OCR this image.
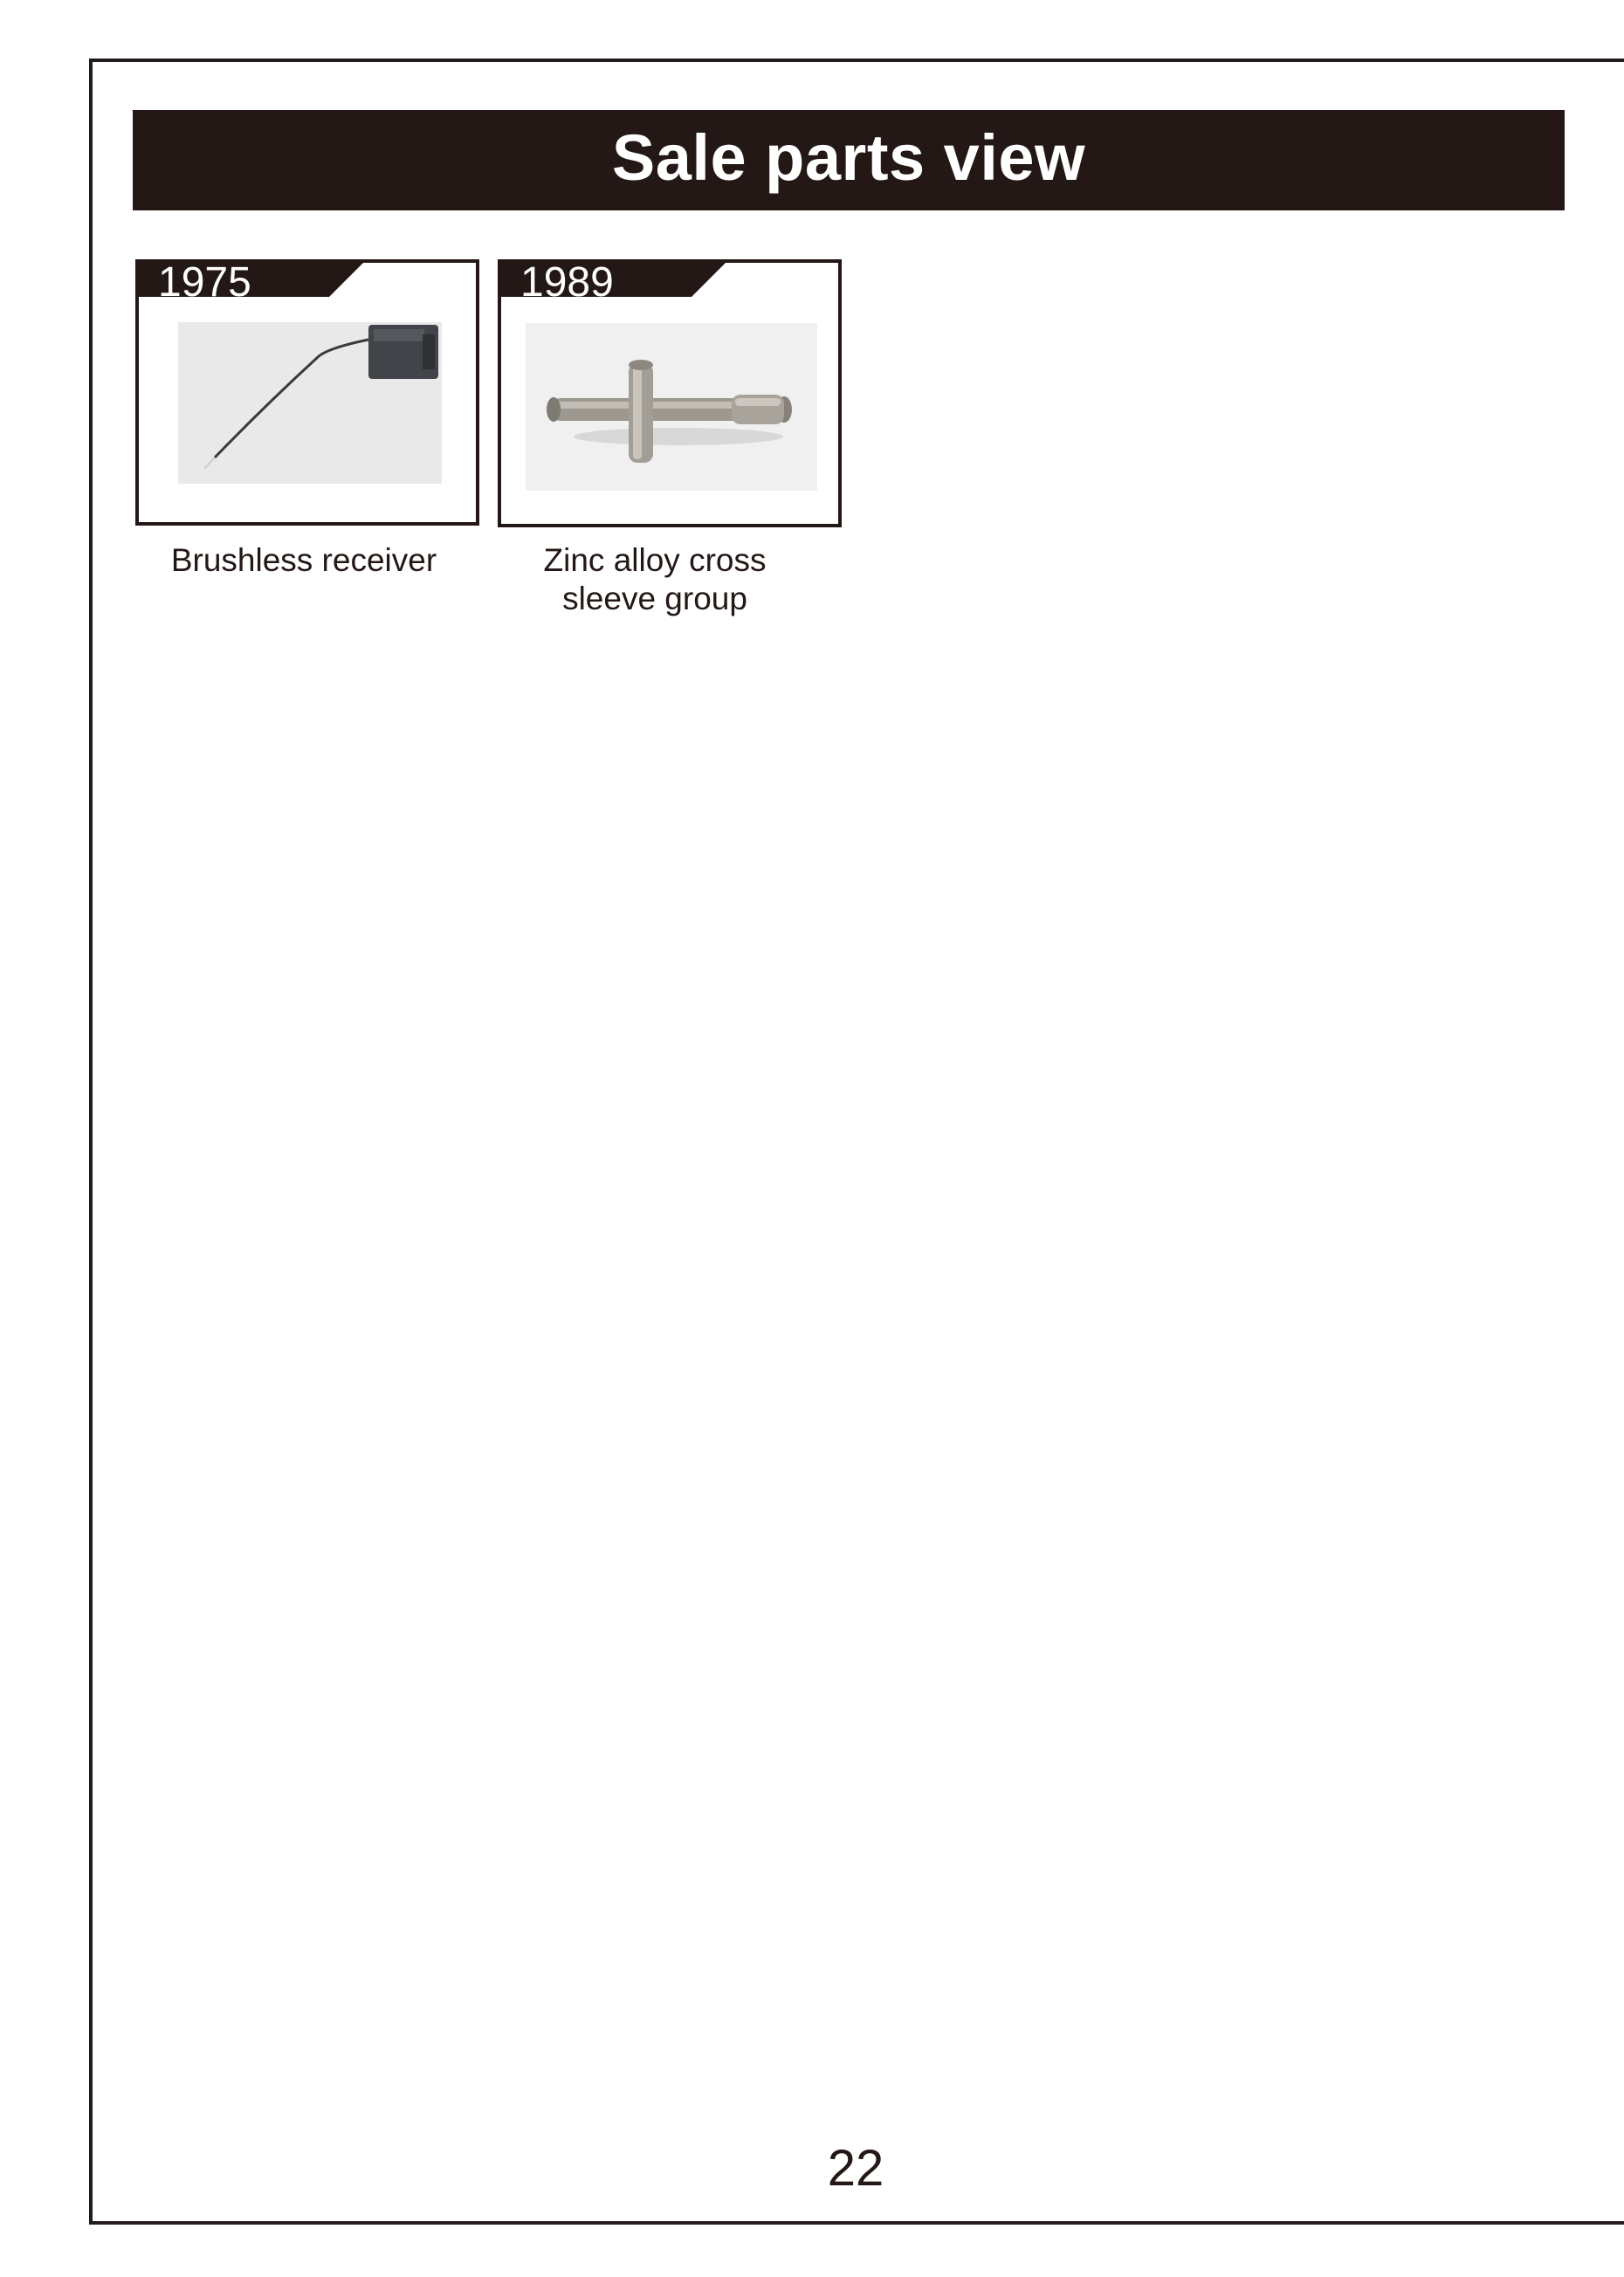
Sale parts view
1975
Brushless receiver
1989
Zinc alloy cross sleeve group
22
